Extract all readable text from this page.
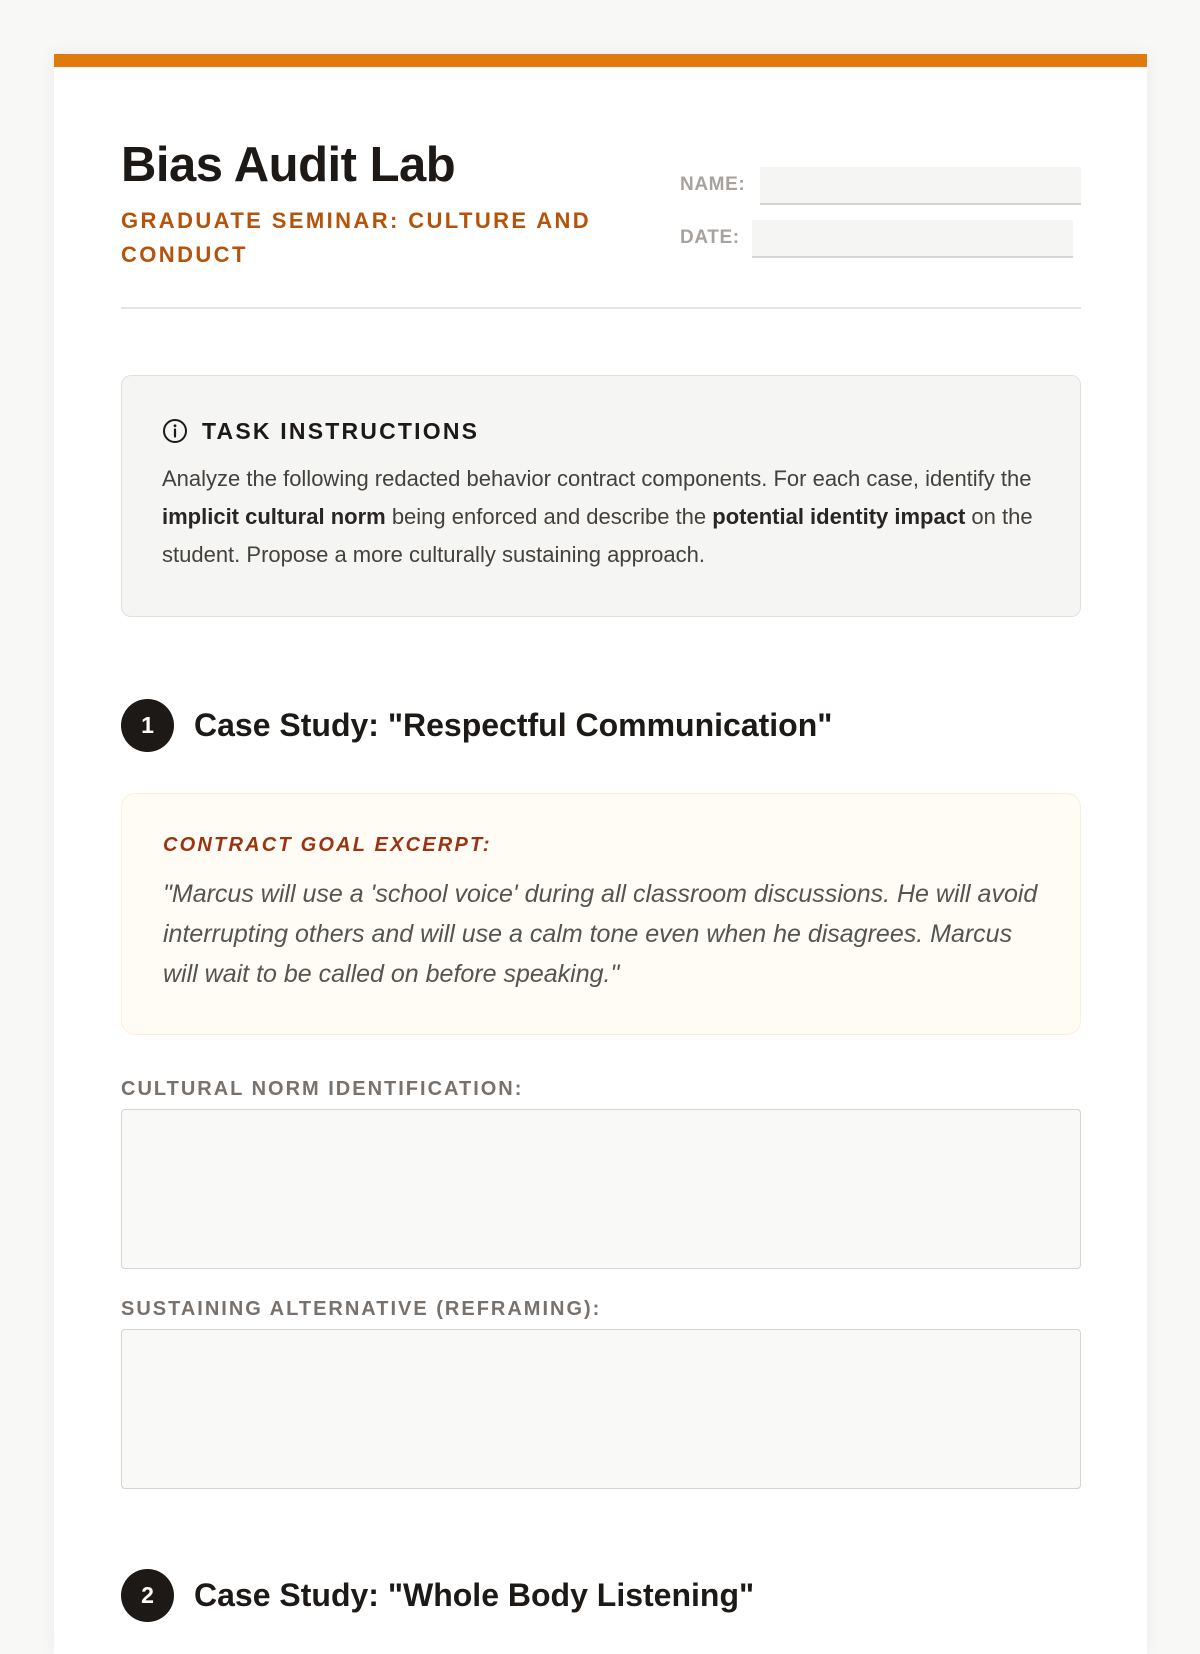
Bias Audit Lab

GRADUATE SEMINAR: CULTURE AND CONDUCT

NAME:
DATE:
TASK INSTRUCTIONS
Analyze the following redacted behavior contract components. For each case, identify the implicit cultural norm being enforced and describe the potential identity impact on the student. Propose a more culturally sustaining approach.
1	Case Study: "Respectful Communication"
CONTRACT GOAL EXCERPT:
"Marcus will use a 'school voice' during all classroom discussions. He will avoid interrupting others and will use a calm tone even when he disagrees. Marcus will wait to be called on before speaking."
CULTURAL NORM IDENTIFICATION:
SUSTAINING ALTERNATIVE (REFRAMING):
2	Case Study: "Whole Body Listening"
